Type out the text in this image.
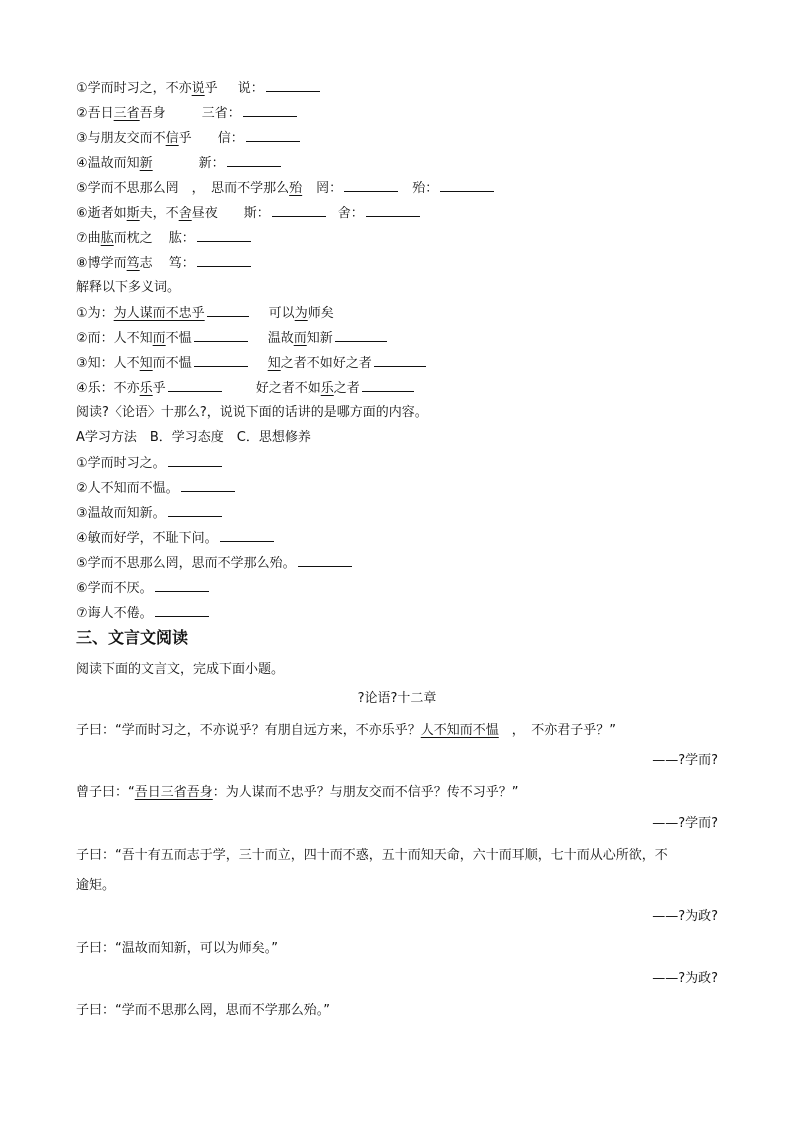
①学而时习之，不亦说乎 说：
②吾日三省吾身	三省：
③与朋友交而不信乎 信：
④温故而知新	新：
⑤学而不思那么罔　，　思而不学那么殆 罔：	殆：
⑥逝者如斯夫，不舍昼夜 斯：	舍：
⑦曲肱而枕之 肱：
⑧博学而笃志 笃：
解释以下多义词。
①为：为人谋而不忠乎	可以为师矣
②而：人不知而不愠	温故而知新
③知：人不知而不愠	知之者不如好之者
④乐：不亦乐乎	好之者不如乐之者
阅读?〈论语〉十那么?，说说下面的话讲的是哪方面的内容。
A学习方法　B．学习态度　C．思想修养
①学而时习之。
②人不知而不愠。
③温故而知新。
④敏而好学，不耻下问。
⑤学而不思那么罔，思而不学那么殆。
⑥学而不厌。
⑦诲人不倦。
三、文言文阅读
阅读下面的文言文，完成下面小题。
?论语?十二章
子曰：“学而时习之，不亦说乎？有朋自远方来，不亦乐乎？人不知而不愠　，　不亦君子乎？”
——?学而?
曾子曰：“吾日三省吾身：为人谋而不忠乎？与朋友交而不信乎？传不习乎？”
——?学而?
子曰：“吾十有五而志于学，三十而立，四十而不惑，五十而知天命，六十而耳顺，七十而从心所欲，不
逾矩。
——?为政?
子曰：“温故而知新，可以为师矣。”
——?为政?
子曰：“学而不思那么罔，思而不学那么殆。”
